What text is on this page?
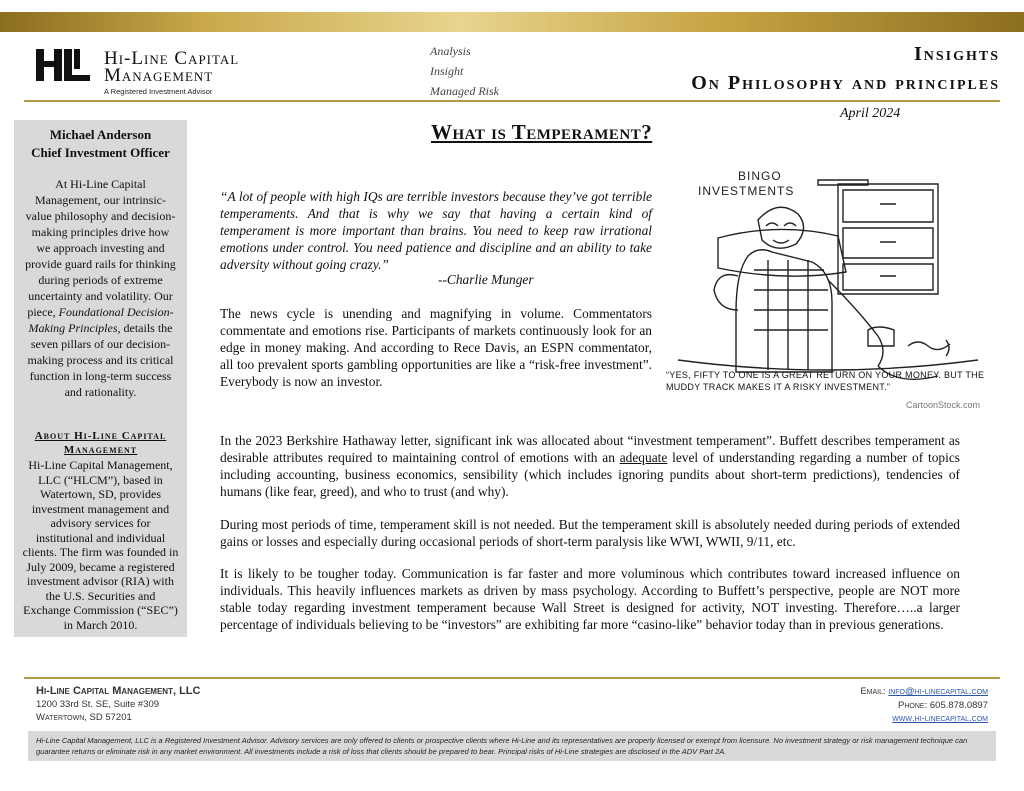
Hi-Line Capital
Management
A Registered Investment Advisor
Analysis
Insight
Managed Risk
Insights
On Philosophy and principles
April 2024
What is Temperament?
Michael Anderson
Chief Investment Officer
At Hi-Line Capital Management, our intrinsic-value philosophy and decision-making principles drive how we approach investing and provide guard rails for thinking during periods of extreme uncertainty and volatility. Our piece, Foundational Decision-Making Principles, details the seven pillars of our decision-making process and its critical function in long-term success and rationality.
About Hi-Line Capital Management
Hi-Line Capital Management, LLC (“HLCM”), based in Watertown, SD, provides investment management and advisory services for institutional and individual clients. The firm was founded in July 2009, became a registered investment advisor (RIA) with the U.S. Securities and Exchange Commission (“SEC”) in March 2010.
“A lot of people with high IQs are terrible investors because they’ve got terrible temperaments. And that is why we say that having a certain kind of temperament is more important than brains. You need to keep raw irrational emotions under control. You need patience and discipline and an ability to take adversity without going crazy.”
--Charlie Munger
The news cycle is unending and magnifying in volume. Commentators commentate and emotions rise. Participants of markets continuously look for an edge in money making. And according to Rece Davis, an ESPN commentator, all too prevalent sports gambling opportunities are like a “risk-free investment”. Everybody is now an investor.
BINGO
INVESTMENTS
“YES, FIFTY TO ONE IS A GREAT RETURN ON YOUR MONEY. BUT THE MUDDY TRACK MAKES IT A RISKY INVESTMENT.”
CartoonStock.com
In the 2023 Berkshire Hathaway letter, significant ink was allocated about “investment temperament”. Buffett describes temperament as desirable attributes required to maintaining control of emotions with an adequate level of understanding regarding a number of topics including accounting, business economics, sensibility (which includes ignoring pundits about short-term predictions), tendencies of humans (like fear, greed), and who to trust (and why).
During most periods of time, temperament skill is not needed. But the temperament skill is absolutely needed during periods of extended gains or losses and especially during occasional periods of short-term paralysis like WWI, WWII, 9/11, etc.
It is likely to be tougher today. Communication is far faster and more voluminous which contributes toward increased influence on individuals. This heavily influences markets as driven by mass psychology. According to Buffett’s perspective, people are NOT more stable today regarding investment temperament because Wall Street is designed for activity, NOT investing. Therefore…..a larger percentage of individuals believing to be “investors” are exhibiting far more “casino-like” behavior today than in previous generations.
Hi-Line Capital Management, LLC
1200 33rd St. SE, Suite #309
Watertown, SD 57201
Email: info@hi-linecapital.com
Phone: 605.878.0897
www.hi-linecapital.com
Hi-Line Capital Management, LLC is a Registered Investment Advisor. Advisory services are only offered to clients or prospective clients where Hi-Line and its representatives are properly licensed or exempt from licensure. No investment strategy or risk management technique can guarantee returns or eliminate risk in any market environment. All investments include a risk of loss that clients should be prepared to bear. Principal risks of Hi-Line strategies are disclosed in the ADV Part 2A.
